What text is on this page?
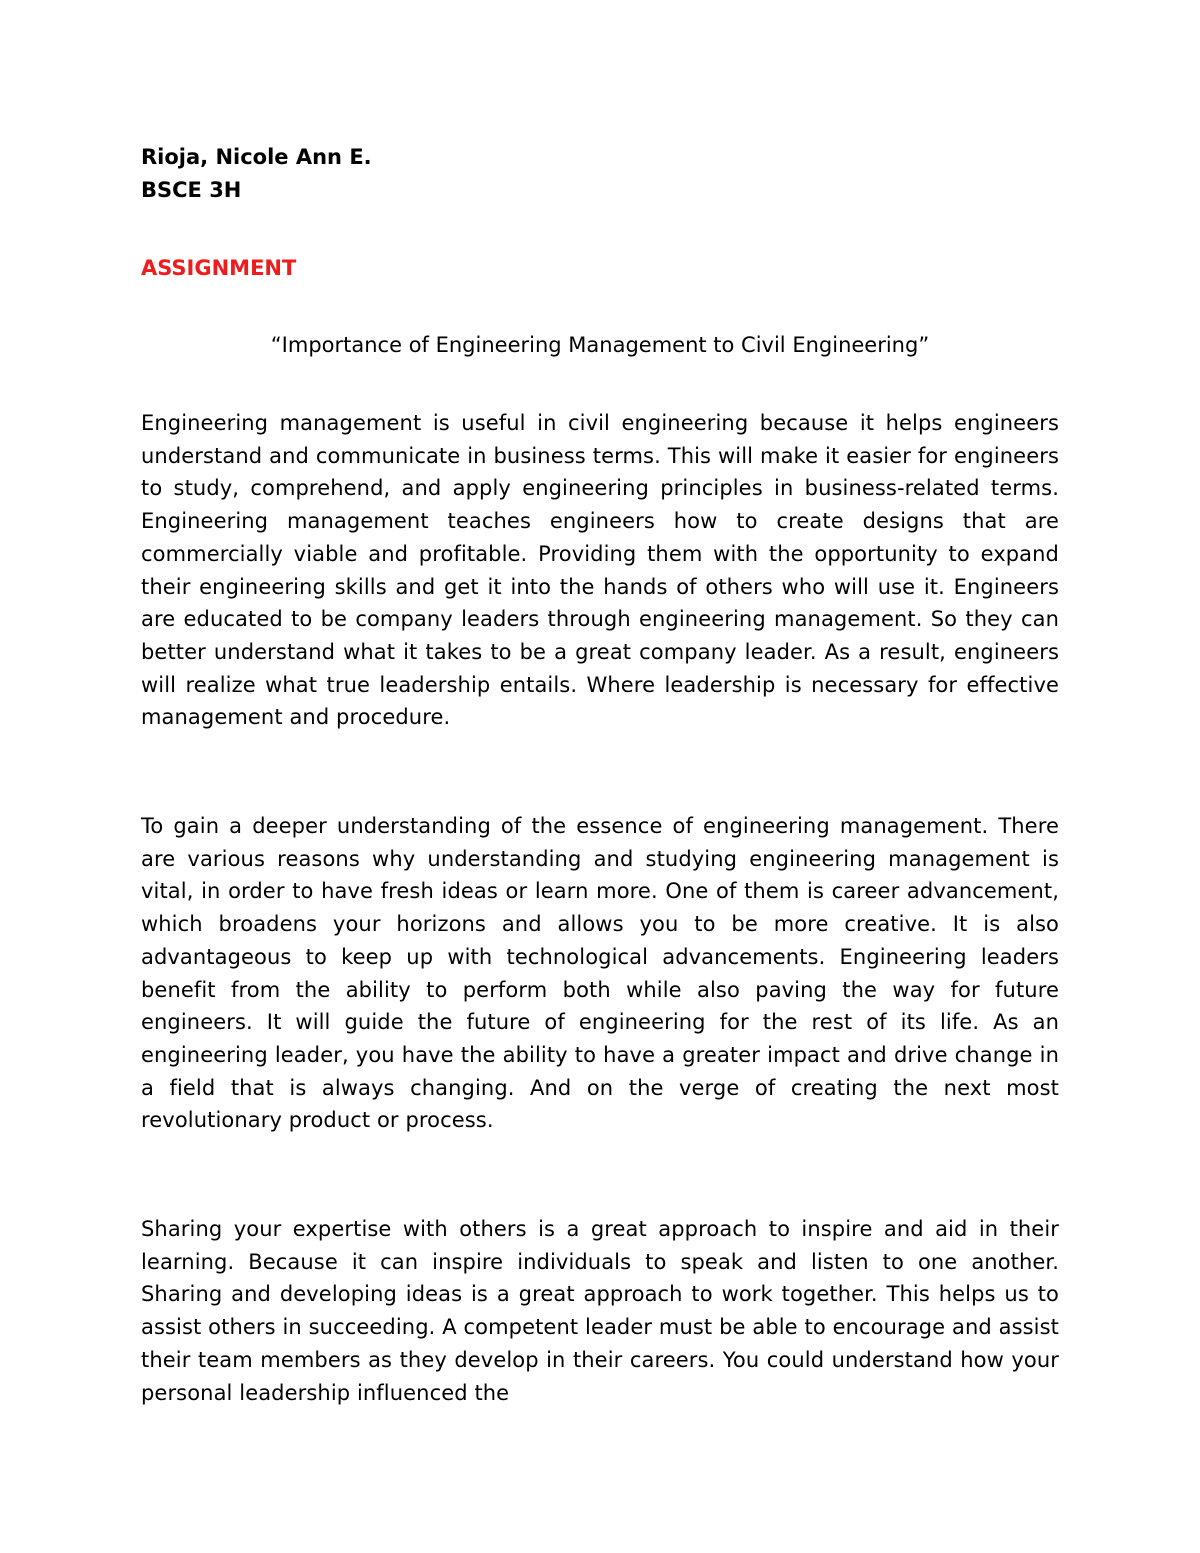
Rioja, Nicole Ann E.
BSCE 3H
ASSIGNMENT
“Importance of Engineering Management to Civil Engineering”

Engineering management is useful in civil engineering because it helps engineers understand and communicate in business terms. This will make it easier for engineers to study, comprehend, and apply engineering principles in business-related terms. Engineering management teaches engineers how to create designs that are commercially viable and profitable. Providing them with the opportunity to expand their engineering skills and get it into the hands of others who will use it. Engineers are educated to be company leaders through engineering management. So they can better understand what it takes to be a great company leader. As a result, engineers will realize what true leadership entails. Where leadership is necessary for effective management and procedure.

To gain a deeper understanding of the essence of engineering management. There are various reasons why understanding and studying engineering management is vital, in order to have fresh ideas or learn more. One of them is career advancement, which broadens your horizons and allows you to be more creative. It is also advantageous to keep up with technological advancements. Engineering leaders benefit from the ability to perform both while also paving the way for future engineers. It will guide the future of engineering for the rest of its life. As an engineering leader, you have the ability to have a greater impact and drive change in a field that is always changing. And on the verge of creating the next most revolutionary product or process.

Sharing your expertise with others is a great approach to inspire and aid in their learning. Because it can inspire individuals to speak and listen to one another. Sharing and developing ideas is a great approach to work together. This helps us to assist others in succeeding. A competent leader must be able to encourage and assist their team members as they develop in their careers. You could understand how your personal leadership influenced the
